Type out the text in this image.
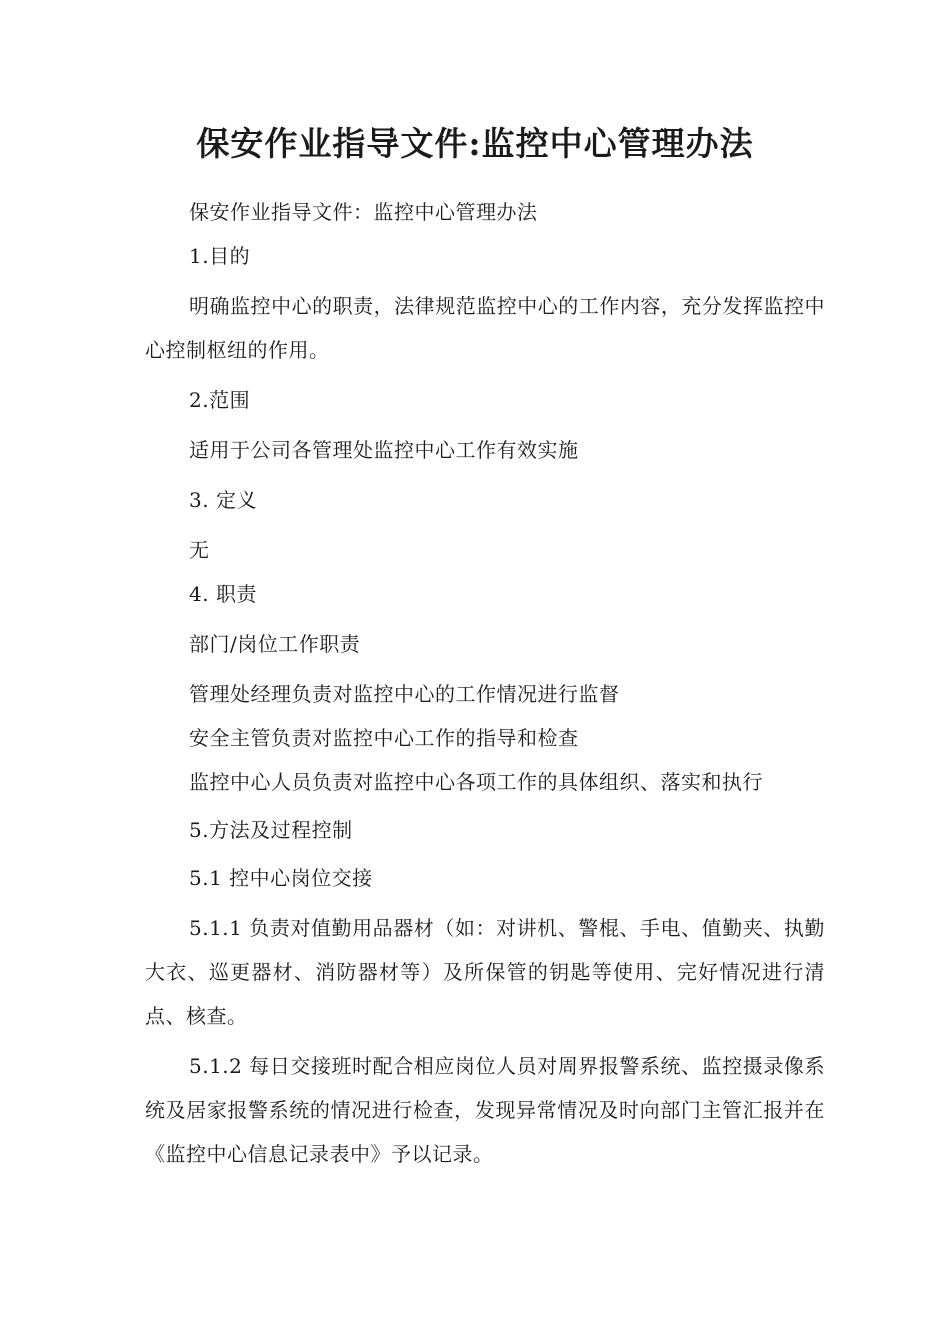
保安作业指导文件:监控中心管理办法

保安作业指导文件：监控中心管理办法

1.目的

明确监控中心的职责，法律规范监控中心的工作内容，充分发挥监控中心控制枢纽的作用。

2.范围

适用于公司各管理处监控中心工作有效实施

3. 定义

无

4. 职责

部门/岗位工作职责

管理处经理负责对监控中心的工作情况进行监督

安全主管负责对监控中心工作的指导和检查

监控中心人员负责对监控中心各项工作的具体组织、落实和执行

5.方法及过程控制

5.1 控中心岗位交接

5.1.1 负责对值勤用品器材（如：对讲机、警棍、手电、值勤夹、执勤大衣、巡更器材、消防器材等）及所保管的钥匙等使用、完好情况进行清点、核查。

5.1.2 每日交接班时配合相应岗位人员对周界报警系统、监控摄录像系统及居家报警系统的情况进行检查，发现异常情况及时向部门主管汇报并在《监控中心信息记录表中》予以记录。
